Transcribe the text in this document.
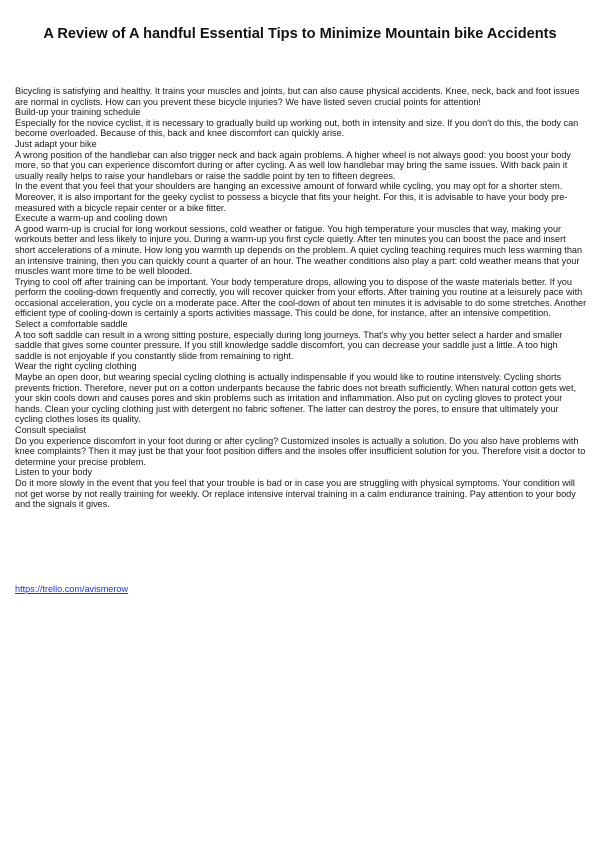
A Review of A handful Essential Tips to Minimize Mountain bike Accidents

Bicycling is satisfying and healthy. It trains your muscles and joints, but can also cause physical accidents. Knee, neck, back and foot issues are normal in cyclists. How can you prevent these bicycle injuries? We have listed seven crucial points for attention!

Build-up your training schedule

Especially for the novice cyclist, it is necessary to gradually build up working out, both in intensity and size. If you don't do this, the body can become overloaded. Because of this, back and knee discomfort can quickly arise.

Just adapt your bike

A wrong position of the handlebar can also trigger neck and back again problems. A higher wheel is not always good: you boost your body more, so that you can experience discomfort during or after cycling. A as well low handlebar may bring the same issues. With back pain it usually really helps to raise your handlebars or raise the saddle point by ten to fifteen degrees.

In the event that you feel that your shoulders are hanging an excessive amount of forward while cycling, you may opt for a shorter stem. Moreover, it is also important for the geeky cyclist to possess a bicycle that fits your height. For this, it is advisable to have your body pre-measured with a bicycle repair center or a bike fitter.

Execute a warm-up and cooling down

A good warm-up is crucial for long workout sessions, cold weather or fatigue. You high temperature your muscles that way, making your workouts better and less likely to injure you. During a warm-up you first cycle quietly. After ten minutes you can boost the pace and insert short accelerations of a minute. How long you warmth up depends on the problem. A quiet cycling teaching requires much less warming than an intensive training, then you can quickly count a quarter of an hour. The weather conditions also play a part: cold weather means that your muscles want more time to be well blooded.

Trying to cool off after training can be important. Your body temperature drops, allowing you to dispose of the waste materials better. If you perform the cooling-down frequently and correctly, you will recover quicker from your efforts. After training you routine at a leisurely pace with occasional acceleration, you cycle on a moderate pace. After the cool-down of about ten minutes it is advisable to do some stretches. Another efficient type of cooling-down is certainly a sports activities massage. This could be done, for instance, after an intensive competition.

Select a comfortable saddle

A too soft saddle can result in a wrong sitting posture, especially during long journeys. That's why you better select a harder and smaller saddle that gives some counter pressure. If you still knowledge saddle discomfort, you can decrease your saddle just a little. A too high saddle is not enjoyable if you constantly slide from remaining to right.

Wear the right cycling clothing

Maybe an open door, but wearing special cycling clothing is actually indispensable if you would like to routine intensively. Cycling shorts prevents friction. Therefore, never put on a cotton underpants because the fabric does not breath sufficiently. When natural cotton gets wet, your skin cools down and causes pores and skin problems such as irritation and inflammation. Also put on cycling gloves to protect your hands. Clean your cycling clothing just with detergent no fabric softener. The latter can destroy the pores, to ensure that ultimately your cycling clothes loses its quality.

Consult specialist

Do you experience discomfort in your foot during or after cycling? Customized insoles is actually a solution. Do you also have problems with knee complaints? Then it may just be that your foot position differs and the insoles offer insufficient solution for you. Therefore visit a doctor to determine your precise problem.

Listen to your body

Do it more slowly in the event that you feel that your trouble is bad or in case you are struggling with physical symptoms. Your condition will not get worse by not really training for weekly. Or replace intensive interval training in a calm endurance training. Pay attention to your body and the signals it gives.

https://trello.com/avismerow
